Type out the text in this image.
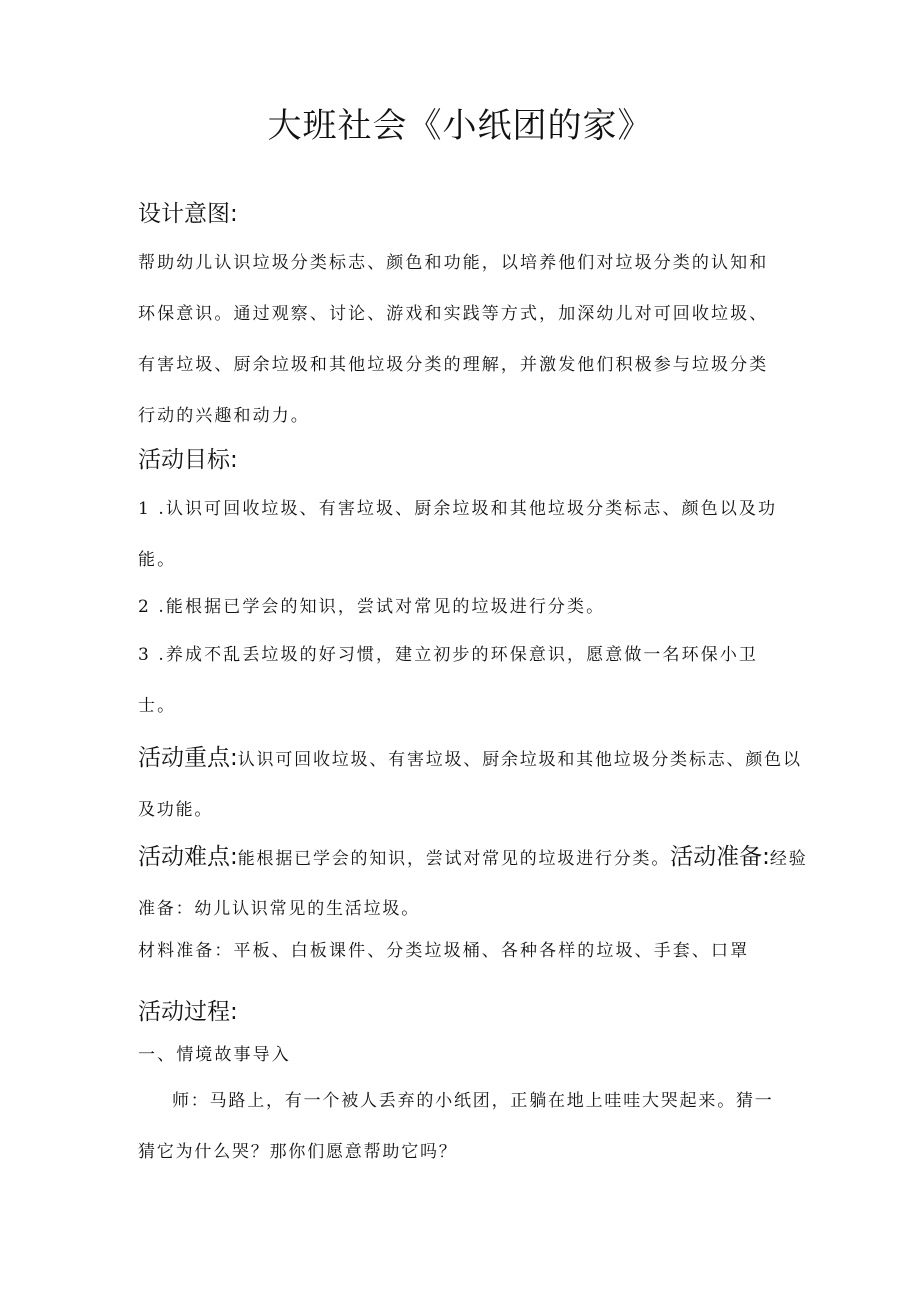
大班社会《小纸团的家》
设计意图:

帮助幼儿认识垃圾分类标志、颜色和功能，以培养他们对垃圾分类的认知和环保意识。通过观察、讨论、游戏和实践等方式，加深幼儿对可回收垃圾、有害垃圾、厨余垃圾和其他垃圾分类的理解，并激发他们积极参与垃圾分类行动的兴趣和动力。

活动目标:

1 .认识可回收垃圾、有害垃圾、厨余垃圾和其他垃圾分类标志、颜色以及功能。

2 .能根据已学会的知识，尝试对常见的垃圾进行分类。

3 .养成不乱丢垃圾的好习惯，建立初步的环保意识，愿意做一名环保小卫士。

活动重点:认识可回收垃圾、有害垃圾、厨余垃圾和其他垃圾分类标志、颜色以及功能。

活动难点:能根据已学会的知识，尝试对常见的垃圾进行分类。活动准备:经验准备：幼儿认识常见的生活垃圾。

材料准备：平板、白板课件、分类垃圾桶、各种各样的垃圾、手套、口罩

活动过程:

一、情境故事导入

师：马路上，有一个被人丢弃的小纸团，正躺在地上哇哇大哭起来。猜一猜它为什么哭？那你们愿意帮助它吗？
